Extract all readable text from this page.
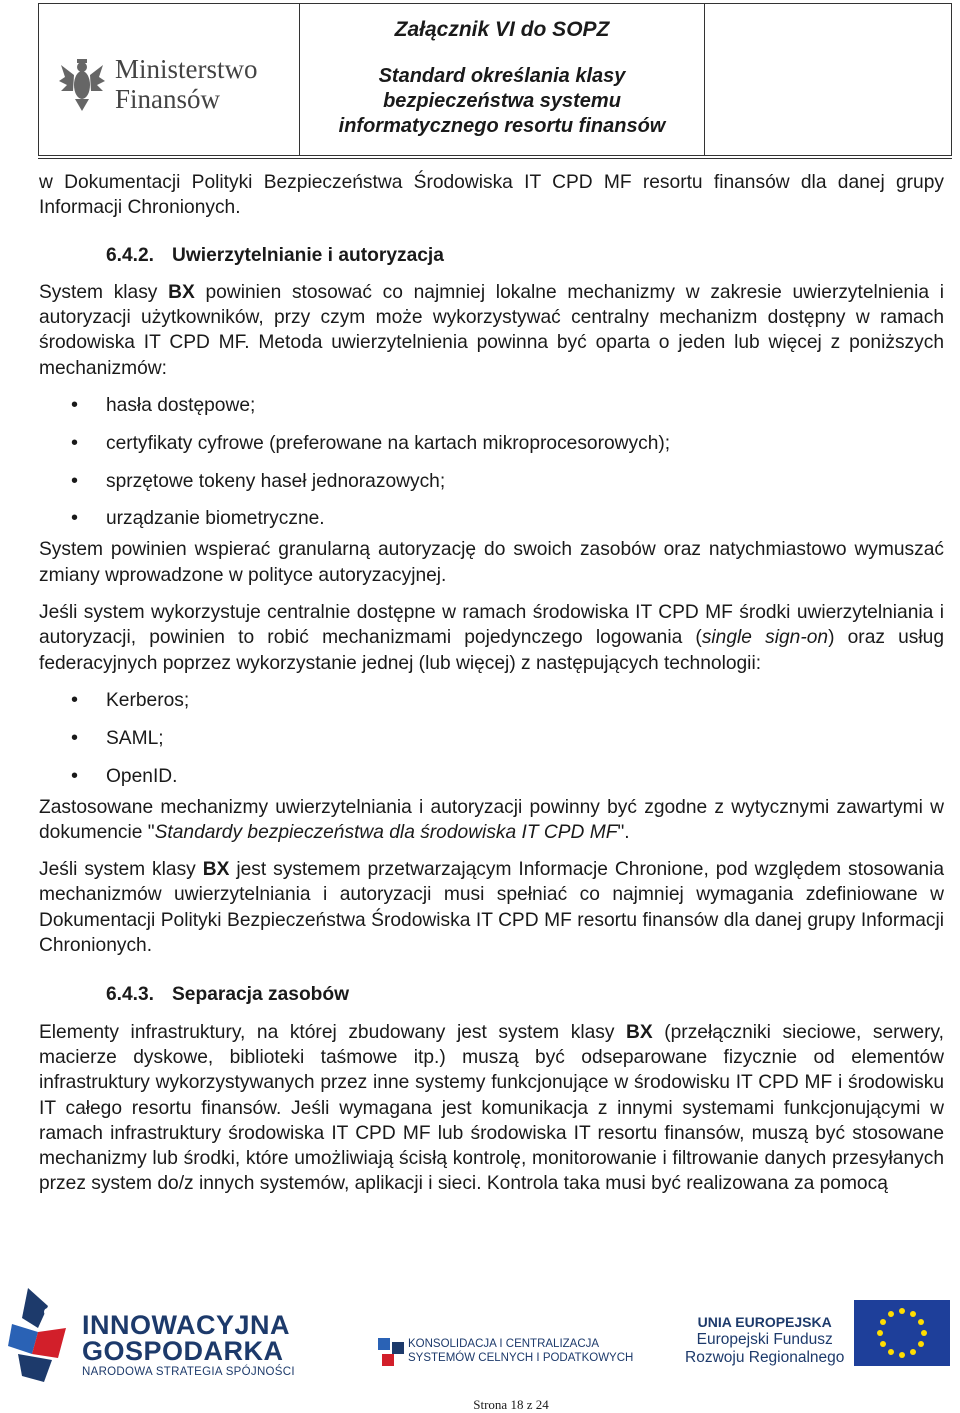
Ministerstwo
Finansów
Załącznik VI do SOPZ
Standard określania klasy
bezpieczeństwa systemu
informatycznego resortu finansów

w Dokumentacji Polityki Bezpieczeństwa Środowiska IT CPD MF resortu finansów dla danej grupy Informacji Chronionych.

6.4.2. Uwierzytelnianie i autoryzacja

System klasy BX powinien stosować co najmniej lokalne mechanizmy w zakresie uwierzytelnienia i autoryzacji użytkowników, przy czym może wykorzystywać centralny mechanizm dostępny w ramach środowiska IT CPD MF. Metoda uwierzytelnienia powinna być oparta o jeden lub więcej z poniższych mechanizmów:

• hasła dostępowe;
• certyfikaty cyfrowe (preferowane na kartach mikroprocesorowych);
• sprzętowe tokeny haseł jednorazowych;
• urządzanie biometryczne.

System powinien wspierać granularną autoryzację do swoich zasobów oraz natychmiastowo wymuszać zmiany wprowadzone w polityce autoryzacyjnej.

Jeśli system wykorzystuje centralnie dostępne w ramach środowiska IT CPD MF środki uwierzytelniania i autoryzacji, powinien to robić mechanizmami pojedynczego logowania (single sign-on) oraz usług federacyjnych poprzez wykorzystanie jednej (lub więcej) z następujących technologii:

• Kerberos;
• SAML;
• OpenID.

Zastosowane mechanizmy uwierzytelniania i autoryzacji powinny być zgodne z wytycznymi zawartymi w dokumencie "Standardy bezpieczeństwa dla środowiska IT CPD MF".

Jeśli system klasy BX jest systemem przetwarzającym Informacje Chronione, pod względem stosowania mechanizmów uwierzytelniania i autoryzacji musi spełniać co najmniej wymagania zdefiniowane w Dokumentacji Polityki Bezpieczeństwa Środowiska IT CPD MF resortu finansów dla danej grupy Informacji Chronionych.

6.4.3. Separacja zasobów

Elementy infrastruktury, na której zbudowany jest system klasy BX (przełączniki sieciowe, serwery, macierze dyskowe, biblioteki taśmowe itp.) muszą być odseparowane fizycznie od elementów infrastruktury wykorzystywanych przez inne systemy funkcjonujące w środowisku IT CPD MF i środowisku IT całego resortu finansów. Jeśli wymagana jest komunikacja z innymi systemami funkcjonującymi w ramach infrastruktury środowiska IT CPD MF lub środowiska IT resortu finansów, muszą być stosowane mechanizmy lub środki, które umożliwiają ścisłą kontrolę, monitorowanie i filtrowanie danych przesyłanych przez system do/z innych systemów, aplikacji i sieci. Kontrola taka musi być realizowana za pomocą

INNOWACYJNA
GOSPODARKA
NARODOWA STRATEGIA SPÓJNOŚCI
KONSOLIDACJA I CENTRALIZACJA
SYSTEMÓW CELNYCH I PODATKOWYCH
UNIA EUROPEJSKA
Europejski Fundusz
Rozwoju Regionalnego
Strona 18 z 24
